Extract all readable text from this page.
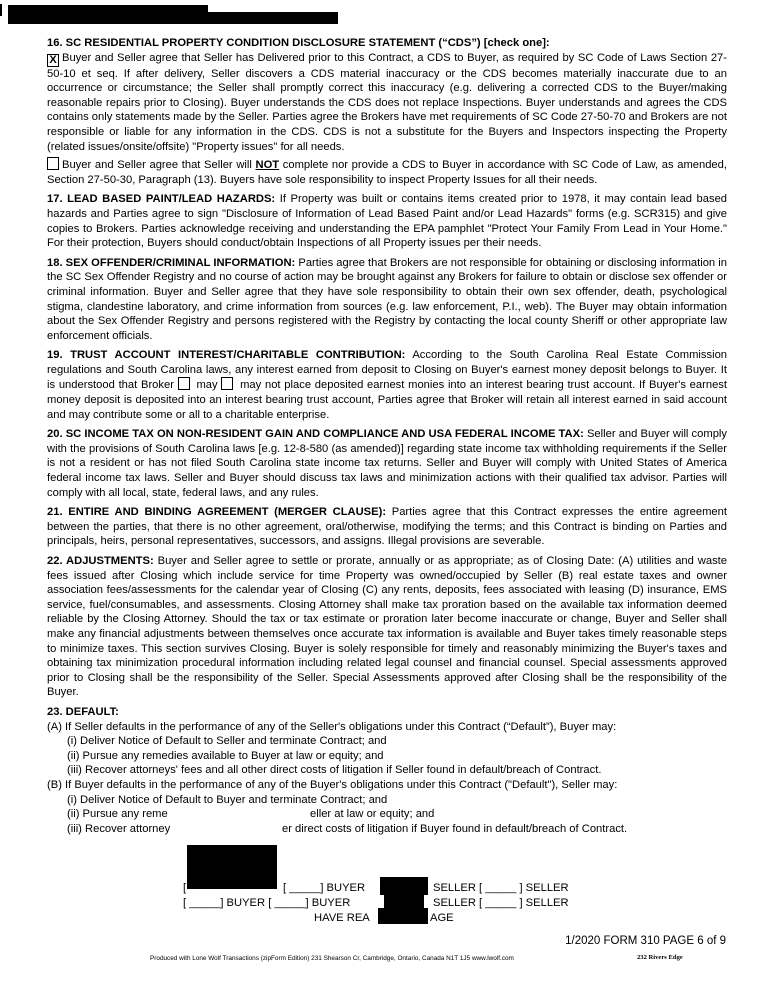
16. SC RESIDENTIAL PROPERTY CONDITION DISCLOSURE STATEMENT (“CDS”) [check one]:
X Buyer and Seller agree that Seller has Delivered prior to this Contract, a CDS to Buyer, as required by SC Code of Laws Section 27-50-10 et seq. If after delivery, Seller discovers a CDS material inaccuracy or the CDS becomes materially inaccurate due to an occurrence or circumstance; the Seller shall promptly correct this inaccuracy (e.g. delivering a corrected CDS to the Buyer/making reasonable repairs prior to Closing). Buyer understands the CDS does not replace Inspections. Buyer understands and agrees the CDS contains only statements made by the Seller. Parties agree the Brokers have met requirements of SC Code 27-50-70 and Brokers are not responsible or liable for any information in the CDS. CDS is not a substitute for the Buyers and Inspectors inspecting the Property (related issues/onsite/offsite) "Property issues" for all needs.
Buyer and Seller agree that Seller will NOT complete nor provide a CDS to Buyer in accordance with SC Code of Law, as amended, Section 27-50-30, Paragraph (13). Buyers have sole responsibility to inspect Property Issues for all their needs.
17. LEAD BASED PAINT/LEAD HAZARDS: If Property was built or contains items created prior to 1978, it may contain lead based hazards and Parties agree to sign "Disclosure of Information of Lead Based Paint and/or Lead Hazards" forms (e.g. SCR315) and give copies to Brokers. Parties acknowledge receiving and understanding the EPA pamphlet "Protect Your Family From Lead in Your Home." For their protection, Buyers should conduct/obtain Inspections of all Property issues per their needs.
18. SEX OFFENDER/CRIMINAL INFORMATION: Parties agree that Brokers are not responsible for obtaining or disclosing information in the SC Sex Offender Registry and no course of action may be brought against any Brokers for failure to obtain or disclose sex offender or criminal information. Buyer and Seller agree that they have sole responsibility to obtain their own sex offender, death, psychological stigma, clandestine laboratory, and crime information from sources (e.g. law enforcement, P.I., web). The Buyer may obtain information about the Sex Offender Registry and persons registered with the Registry by contacting the local county Sheriff or other appropriate law enforcement officials.
19. TRUST ACCOUNT INTEREST/CHARITABLE CONTRIBUTION: According to the South Carolina Real Estate Commission regulations and South Carolina laws, any interest earned from deposit to Closing on Buyer's earnest money deposit belongs to Buyer. It is understood that Broker  may  may not place deposited earnest monies into an interest bearing trust account. If Buyer's earnest money deposit is deposited into an interest bearing trust account, Parties agree that Broker will retain all interest earned in said account and may contribute some or all to a charitable enterprise.
20. SC INCOME TAX ON NON-RESIDENT GAIN AND COMPLIANCE AND USA FEDERAL INCOME TAX: Seller and Buyer will comply with the provisions of South Carolina laws [e.g. 12-8-580 (as amended)] regarding state income tax withholding requirements if the Seller is not a resident or has not filed South Carolina state income tax returns. Seller and Buyer will comply with United States of America federal income tax laws. Seller and Buyer should discuss tax laws and minimization actions with their qualified tax advisor. Parties will comply with all local, state, federal laws, and any rules.
21. ENTIRE AND BINDING AGREEMENT (MERGER CLAUSE): Parties agree that this Contract expresses the entire agreement between the parties, that there is no other agreement, oral/otherwise, modifying the terms; and this Contract is binding on Parties and principals, heirs, personal representatives, successors, and assigns. Illegal provisions are severable.
22. ADJUSTMENTS: Buyer and Seller agree to settle or prorate, annually or as appropriate; as of Closing Date: (A) utilities and waste fees issued after Closing which include service for time Property was owned/occupied by Seller (B) real estate taxes and owner association fees/assessments for the calendar year of Closing (C) any rents, deposits, fees associated with leasing (D) insurance, EMS service, fuel/consumables, and assessments. Closing Attorney shall make tax proration based on the available tax information deemed reliable by the Closing Attorney. Should the tax or tax estimate or proration later become inaccurate or change, Buyer and Seller shall make any financial adjustments between themselves once accurate tax information is available and Buyer takes timely reasonable steps to minimize taxes. This section survives Closing. Buyer is solely responsible for timely and reasonably minimizing the Buyer's taxes and obtaining tax minimization procedural information including related legal counsel and financial counsel. Special assessments approved prior to Closing shall be the responsibility of the Seller. Special Assessments approved after Closing shall be the responsibility of the Buyer.
23. DEFAULT:
(A) If Seller defaults in the performance of any of the Seller's obligations under this Contract (“Default”), Buyer may:
(i) Deliver Notice of Default to Seller and terminate Contract; and
(ii) Pursue any remedies available to Buyer at law or equity; and
(iii) Recover attorneys' fees and all other direct costs of litigation if Seller found in default/breach of Contract.
(B) If Buyer defaults in the performance of any of the Buyer's obligations under this Contract ("Default"), Seller may:
(i) Deliver Notice of Default to Buyer and terminate Contract; and
(ii) Pursue any reme	eller at law or equity; and
(iii) Recover attorney	er direct costs of litigation if Buyer found in default/breach of Contract.
[	[ _____] BUYER	SELLER [ _____ ] SELLER
[ _____] BUYER [ _____] BUYER	SELLER [ _____ ] SELLER
HAVE REA	AGE
1/2020 FORM 310 PAGE 6 of 9
Produced with Lone Wolf Transactions (zipForm Edition) 231 Shearson Cr, Cambridge, Ontario, Canada N1T 1J5 www.lwolf.com	232 Rivers Edge
